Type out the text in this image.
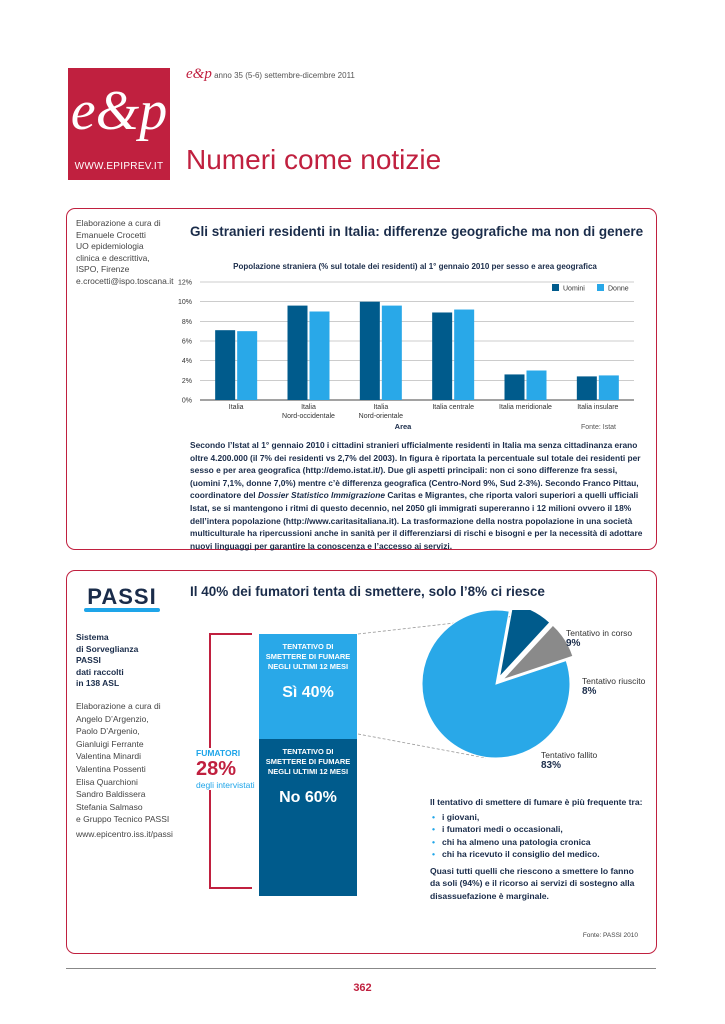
e&p
WWW.EPIPREV.IT
e&p anno 35 (5-6) settembre-dicembre 2011
Numeri come notizie
Elaborazione a cura di
Emanuele Crocetti
UO epidemiologia
clinica e descrittiva,
ISPO, Firenze
e.crocetti@ispo.toscana.it
Gli stranieri residenti in Italia: differenze geografiche ma non di genere
Popolazione straniera (% sul totale dei residenti) al 1° gennaio 2010 per sesso e area geografica
0%
2%
4%
6%
8%
10%
12%
Italia	Italia
Nord-occidentale
Italia
Nord-orientale
Italia centrale	Italia meridionale	Italia insulare
Uomini	Donne
Area	Fonte: Istat
Secondo l’Istat al 1° gennaio 2010 i cittadini stranieri ufficialmente residenti in Italia ma senza cittadinanza erano oltre 4.200.000 (il 7% dei residenti vs 2,7% del 2003). In figura è riportata la percentuale sul totale dei residenti per sesso e per area geografica (http://demo.istat.it/). Due gli aspetti principali: non ci sono differenze fra sessi, (uomini 7,1%, donne 7,0%) mentre c’è differenza geografica (Centro-Nord 9%, Sud 2-3%). Secondo Franco Pittau, coordinatore del Dossier Statistico Immigrazione Caritas e Migrantes, che riporta valori superiori a quelli ufficiali Istat, se si mantengono i ritmi di questo decennio, nel 2050 gli immigrati supereranno i 12 milioni ovvero il 18% dell’intera popolazione (http://www.caritasitaliana.it). La trasformazione della nostra popolazione in una società multiculturale ha ripercussioni anche in sanità per il differenziarsi di rischi e bisogni e per la necessità di adottare nuovi linguaggi per garantire la conoscenza e l’accesso ai servizi.
PASSI
Sistema
di Sorveglianza
PASSI
dati raccolti
in 138 ASL
Elaborazione a cura di
Angelo D’Argenzio,
Paolo D’Argenio,
Gianluigi Ferrante
Valentina Minardi
Valentina Possenti
Elisa Quarchioni
Sandro Baldissera
Stefania Salmaso
e Gruppo Tecnico PASSI
www.epicentro.iss.it/passi
Il 40% dei fumatori tenta di smettere, solo l’8% ci riesce
FUMATORI
28%
degli intervistati
TENTATIVO DI SMETTERE DI FUMARE NEGLI ULTIMI 12 MESI
Sì 40%
TENTATIVO DI SMETTERE DI FUMARE NEGLI ULTIMI 12 MESI
No 60%
Tentativo in corso
9%
Tentativo riuscito
8%
Tentativo fallito
83%
Il tentativo di smettere di fumare è più frequente tra:
• i giovani,
• i fumatori medi o occasionali,
• chi ha almeno una patologia cronica
• chi ha ricevuto il consiglio del medico.
Quasi tutti quelli che riescono a smettere lo fanno da soli (94%) e il ricorso ai servizi di sostegno alla disassuefazione è marginale.
Fonte: PASSI 2010
362
